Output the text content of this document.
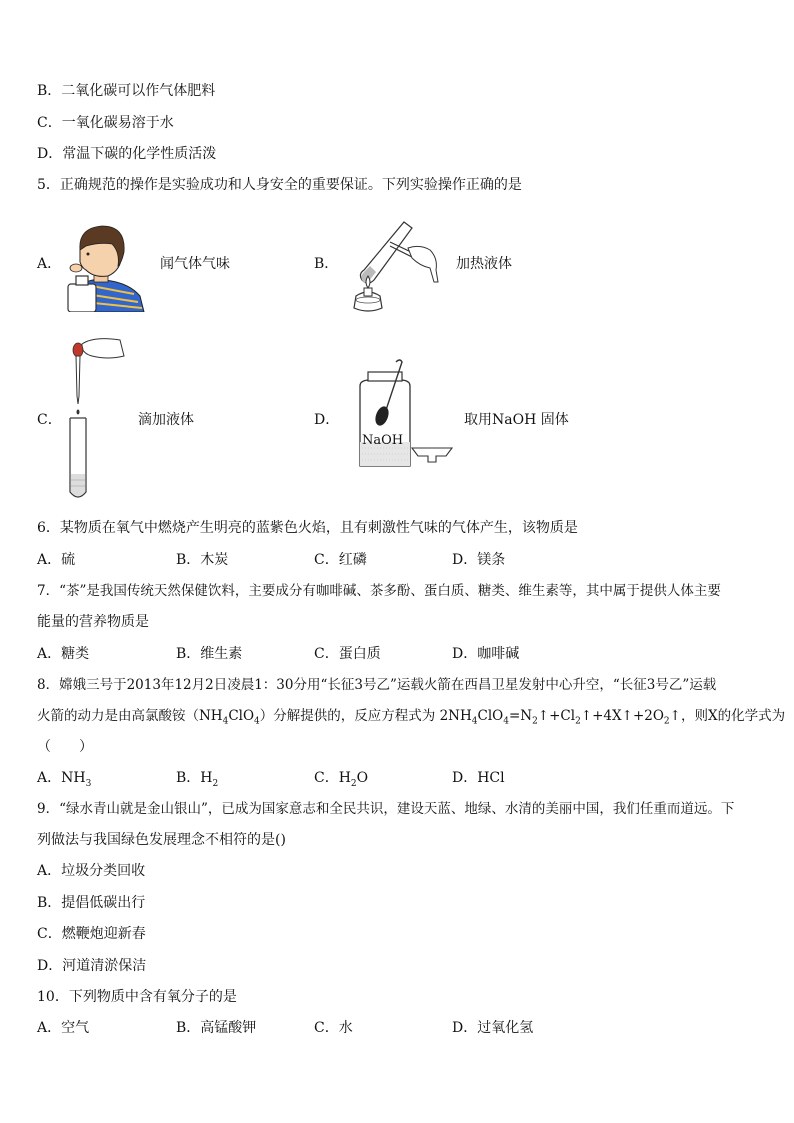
B．二氧化碳可以作气体肥料
C．一氧化碳易溶于水
D．常温下碳的化学性质活泼
5．正确规范的操作是实验成功和人身安全的重要保证。下列实验操作正确的是
A．	闻气体气味	B．	加热液体
C．	滴加液体	D．
NaOH
取用NaOH 固体
6．某物质在氧气中燃烧产生明亮的蓝紫色火焰，且有刺激性气味的气体产生，该物质是
A．硫	B．木炭	C．红磷	D．镁条
7．“茶”是我国传统天然保健饮料，主要成分有咖啡碱、茶多酚、蛋白质、糖类、维生素等，其中属于提供人体主要
能量的营养物质是
A．糖类	B．维生素	C．蛋白质	D．咖啡碱
8．嫦娥三号于2013年12月2日凌晨1：30分用“长征3号乙”运载火箭在西昌卫星发射中心升空，“长征3号乙”运载
火箭的动力是由高氯酸铵$(NH_4ClO_4)$分解提供的，反应方程式为 $2NH_4ClO_4=N_2↑+Cl_2↑+4X↑+2O_2↑$，则X的化学式为
（　　）
A．$NH_3$	B．$H_2$	C．$H_2O$	D．HCl
9．“绿水青山就是金山银山”，已成为国家意志和全民共识，建设天蓝、地绿、水清的美丽中国，我们任重而道远。下
列做法与我国绿色发展理念不相符的是()
A．垃圾分类回收
B．提倡低碳出行
C．燃鞭炮迎新春
D．河道清淤保洁
10．下列物质中含有氧分子的是
A．空气	B．高锰酸钾	C．水	D．过氧化氢
